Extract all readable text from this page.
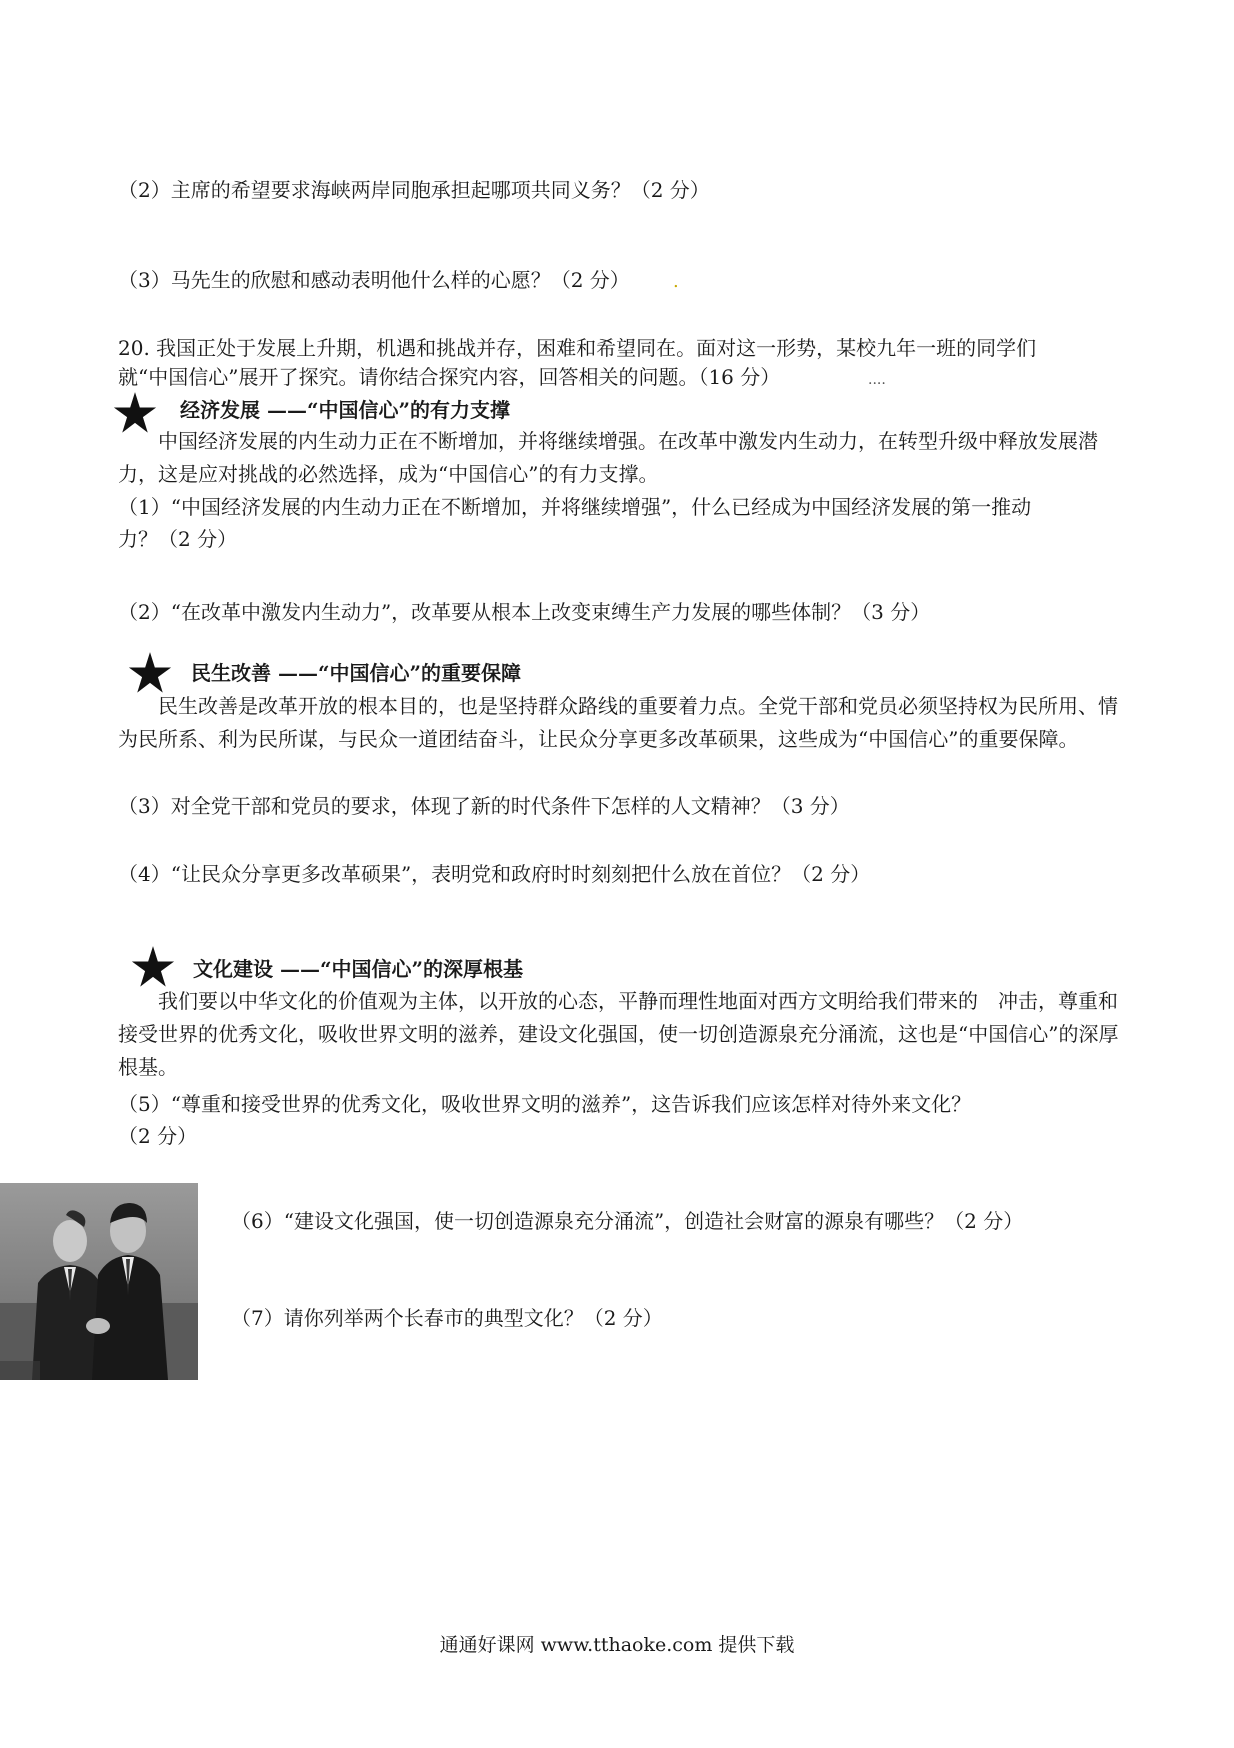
（2）主席的希望要求海峡两岸同胞承担起哪项共同义务？（2 分）
（3）马先生的欣慰和感动表明他什么样的心愿？（2 分） .
20. 我国正处于发展上升期，机遇和挑战并存，困难和希望同在。面对这一形势，某校九年一班的同学们
就“中国信心”展开了探究。请你结合探究内容，回答相关的问题。（16 分）	....
经济发展 ——“中国信心”的有力支撑
中国经济发展的内生动力正在不断增加，并将继续增强。在改革中激发内生动力，在转型升级中释放发展潜力，这是应对挑战的必然选择，成为“中国信心”的有力支撑。
（1）“中国经济发展的内生动力正在不断增加，并将继续增强”，什么已经成为中国经济发展的第一推动
力？（2 分）
（2）“在改革中激发内生动力”，改革要从根本上改变束缚生产力发展的哪些体制？（3 分）
民生改善 ——“中国信心”的重要保障
民生改善是改革开放的根本目的，也是坚持群众路线的重要着力点。全党干部和党员必须坚持权为民所用、情为民所系、利为民所谋，与民众一道团结奋斗，让民众分享更多改革硕果，这些成为“中国信心”的重要保障。
（3）对全党干部和党员的要求，体现了新的时代条件下怎样的人文精神？（3 分）
（4）“让民众分享更多改革硕果”，表明党和政府时时刻刻把什么放在首位？（2 分）
文化建设 ——“中国信心”的深厚根基
我们要以中华文化的价值观为主体，以开放的心态，平静而理性地面对西方文明给我们带来的　冲击，尊重和接受世界的优秀文化，吸收世界文明的滋养，建设文化强国，使一切创造源泉充分涌流，这也是“中国信心”的深厚根基。
（5）“尊重和接受世界的优秀文化，吸收世界文明的滋养”，这告诉我们应该怎样对待外来文化？
（2 分）
（6）“建设文化强国，使一切创造源泉充分涌流”，创造社会财富的源泉有哪些？（2 分）
（7）请你列举两个长春市的典型文化？（2 分）
通通好课网 www.tthaoke.com 提供下载
